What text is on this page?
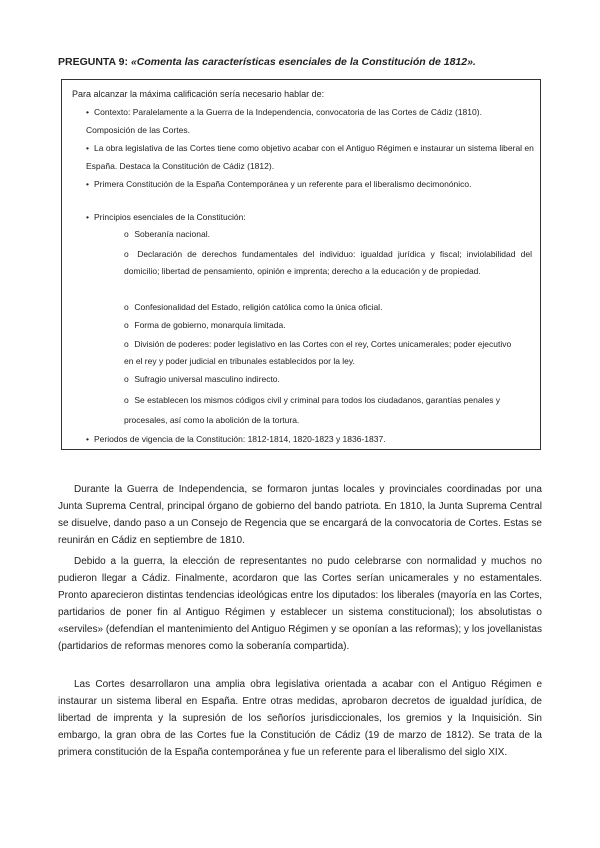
PREGUNTA 9: «Comenta las características esenciales de la Constitución de 1812».
Para alcanzar la máxima calificación sería necesario hablar de:
• Contexto: Paralelamente a la Guerra de la Independencia, convocatoria de las Cortes de Cádiz (1810). Composición de las Cortes.
• La obra legislativa de las Cortes tiene como objetivo acabar con el Antiguo Régimen e instaurar un sistema liberal en España. Destaca la Constitución de Cádiz (1812).
• Primera Constitución de la España Contemporánea y un referente para el liberalismo decimonónico.
• Principios esenciales de la Constitución:
o Soberanía nacional.
o Declaración de derechos fundamentales del individuo: igualdad jurídica y fiscal; inviolabilidad del domicilio; libertad de pensamiento, opinión e imprenta; derecho a la educación y de propiedad.
o Confesionalidad del Estado, religión católica como la única oficial.
o Forma de gobierno, monarquía limitada.
o División de poderes: poder legislativo en las Cortes con el rey, Cortes unicamerales; poder ejecutivo en el rey y poder judicial en tribunales establecidos por la ley.
o Sufragio universal masculino indirecto.
o Se establecen los mismos códigos civil y criminal para todos los ciudadanos, garantías penales y procesales, así como la abolición de la tortura.
• Periodos de vigencia de la Constitución: 1812-1814, 1820-1823 y 1836-1837.

Durante la Guerra de Independencia, se formaron juntas locales y provinciales coordinadas por una Junta Suprema Central, principal órgano de gobierno del bando patriota. En 1810, la Junta Suprema Central se disuelve, dando paso a un Consejo de Regencia que se encargará de la convocatoria de Cortes. Estas se reunirán en Cádiz en septiembre de 1810.

Debido a la guerra, la elección de representantes no pudo celebrarse con normalidad y muchos no pudieron llegar a Cádiz. Finalmente, acordaron que las Cortes serían unicamerales y no estamentales. Pronto aparecieron distintas tendencias ideológicas entre los diputados: los liberales (mayoría en las Cortes, partidarios de poner fin al Antiguo Régimen y establecer un sistema constitucional); los absolutistas o «serviles» (defendían el mantenimiento del Antiguo Régimen y se oponían a las reformas); y los jovellanistas (partidarios de reformas menores como la soberanía compartida).

Las Cortes desarrollaron una amplia obra legislativa orientada a acabar con el Antiguo Régimen e instaurar un sistema liberal en España. Entre otras medidas, aprobaron decretos de igualdad jurídica, de libertad de imprenta y la supresión de los señoríos jurisdiccionales, los gremios y la Inquisición. Sin embargo, la gran obra de las Cortes fue la Constitución de Cádiz (19 de marzo de 1812). Se trata de la primera constitución de la España contemporánea y fue un referente para el liberalismo del siglo XIX.
